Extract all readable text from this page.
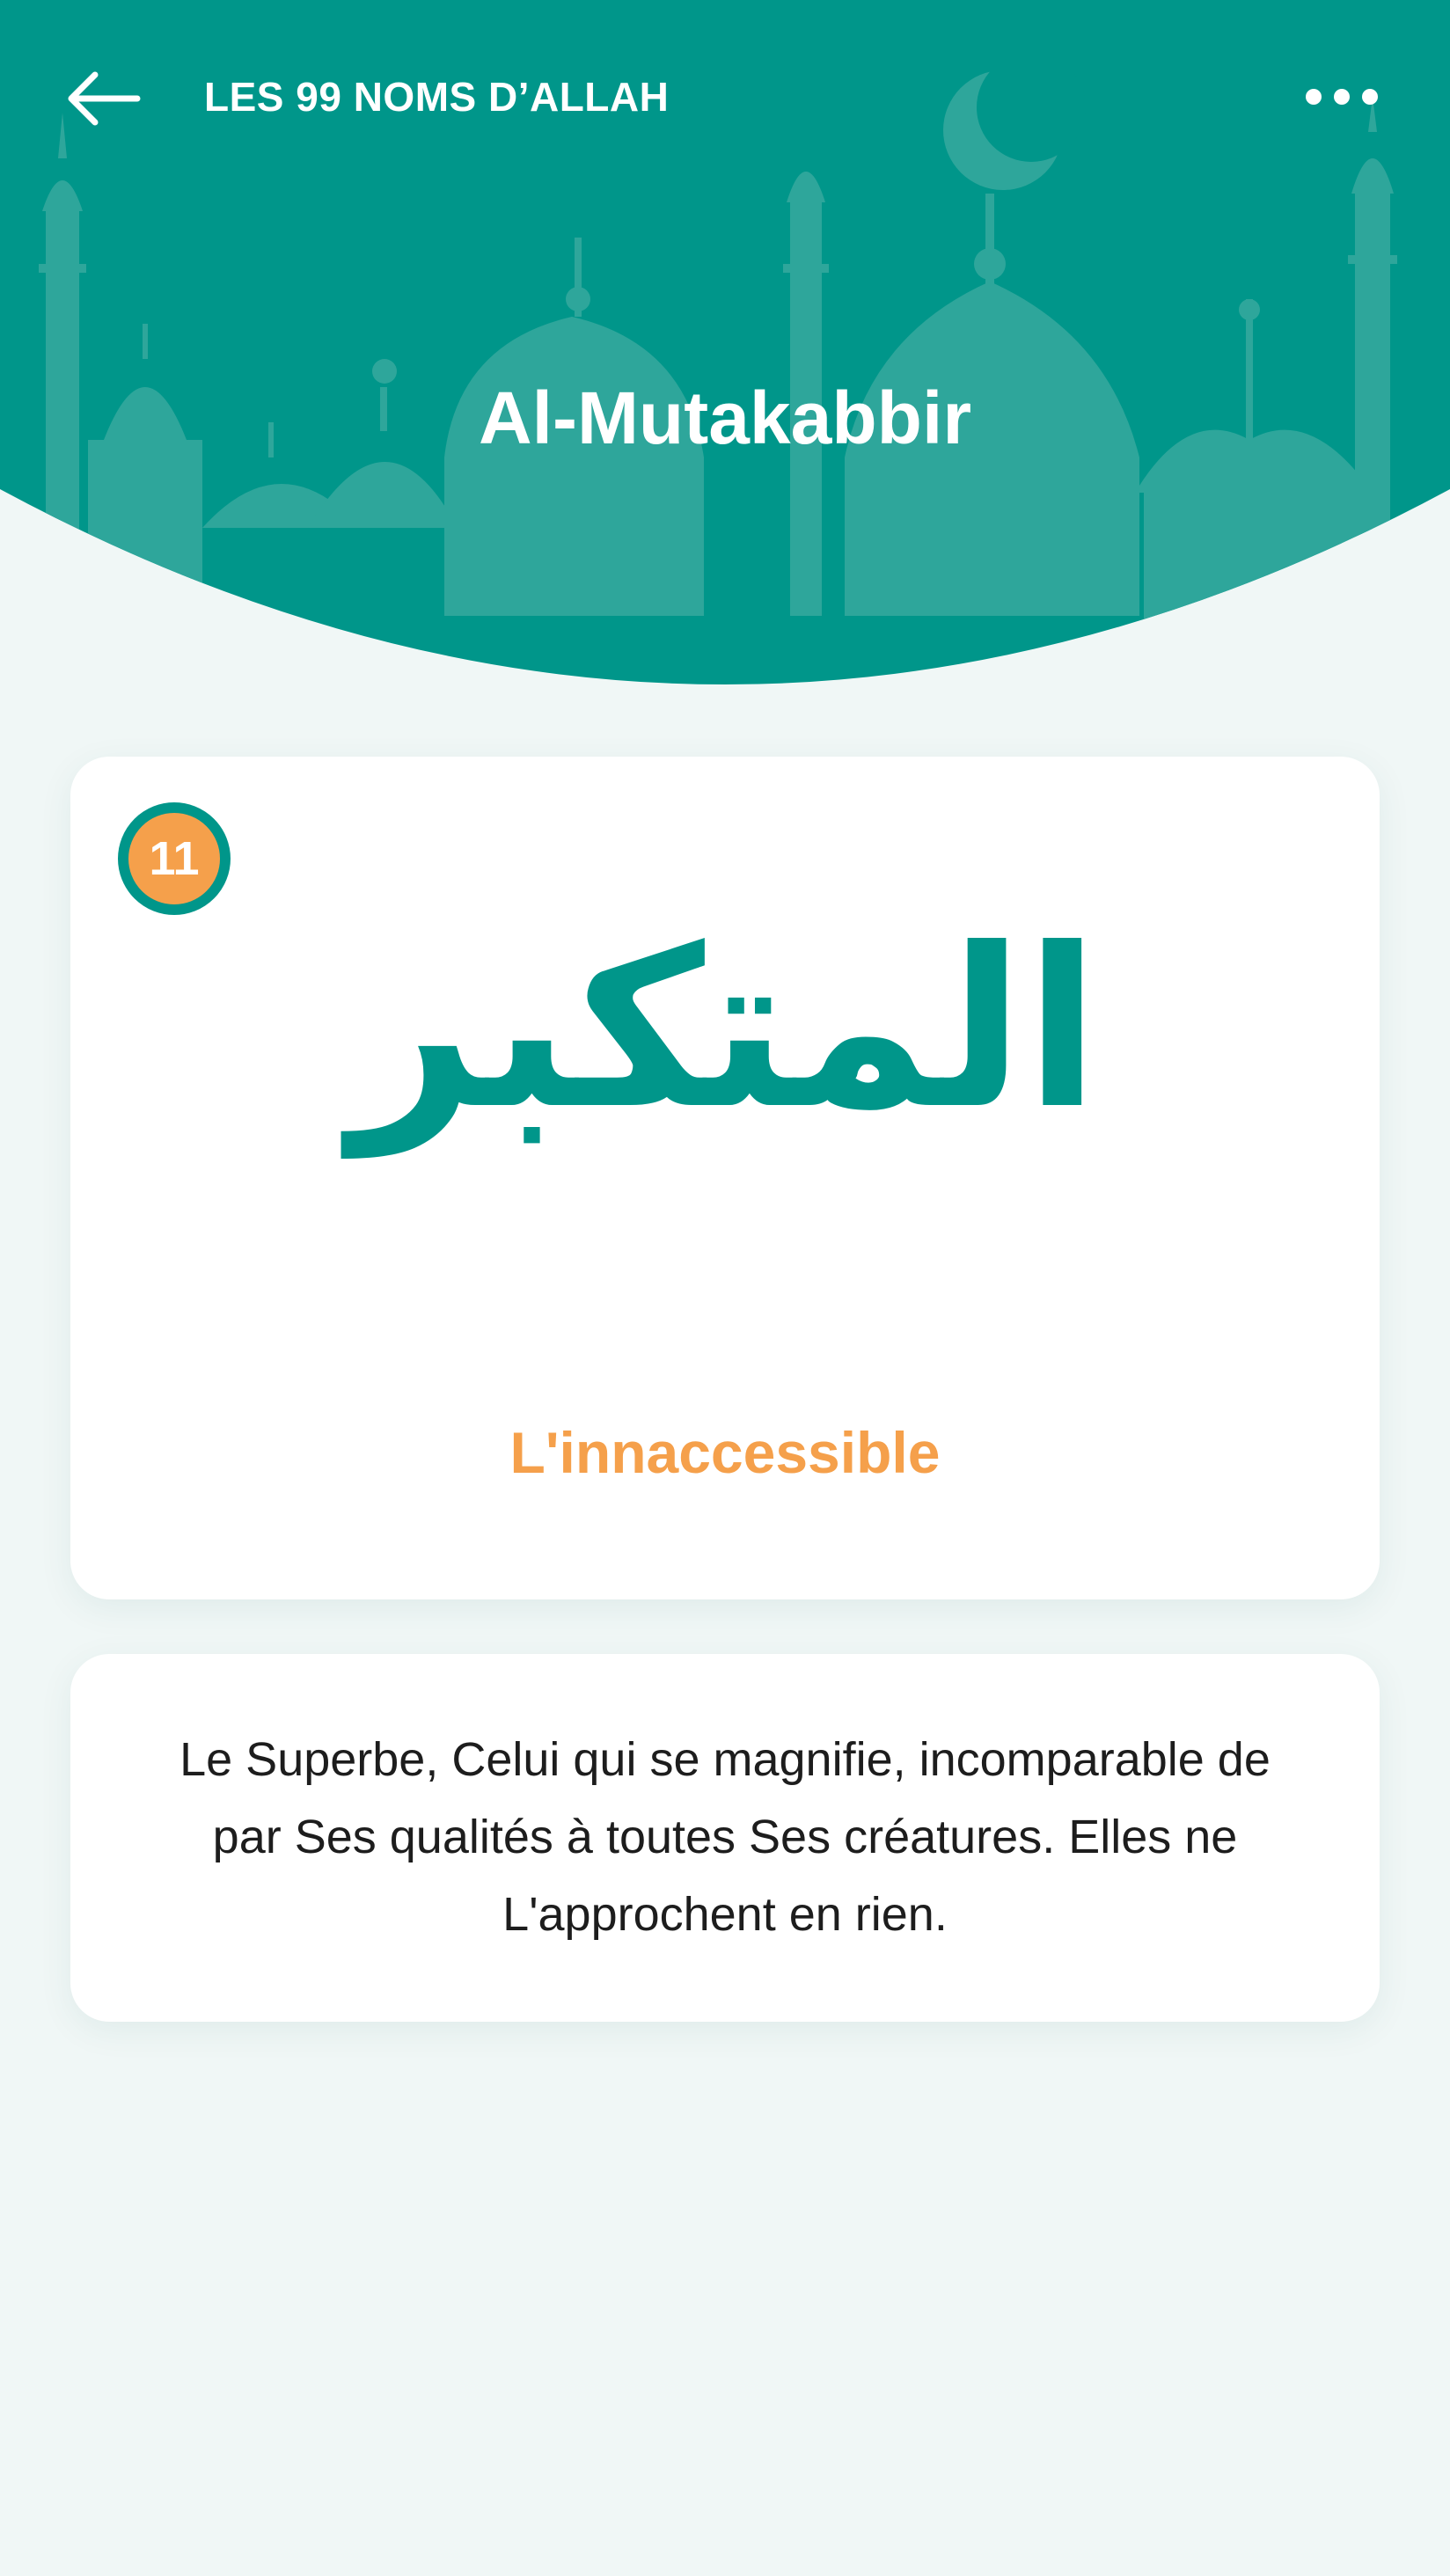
LES 99 NOMS D’ALLAH
Al-Mutakabbir
11
المتكبر
L'innaccessible
Le Superbe, Celui qui se magnifie, incomparable de par Ses qualités à toutes Ses créatures. Elles ne L'approchent en rien.
